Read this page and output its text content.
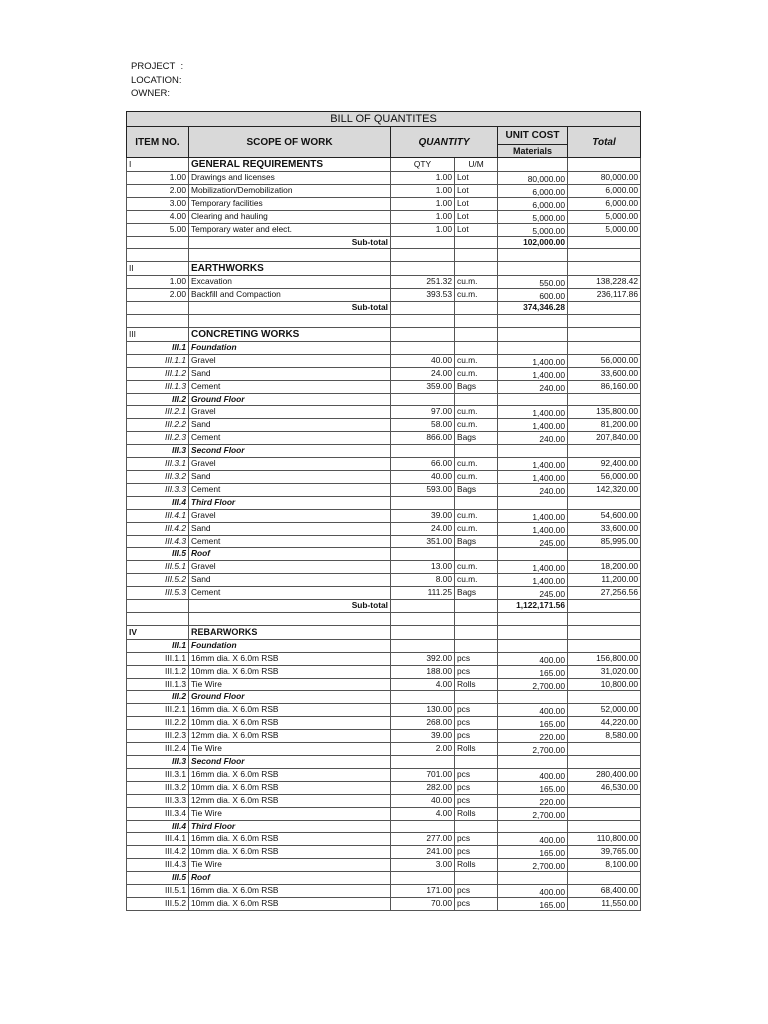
PROJECT  :
LOCATION:
OWNER:
BILL OF QUANTITES					
ITEM NO.	SCOPE OF WORK	QUANTITY		UNIT COST	Total
				Materials	
I	GENERAL REQUIREMENTS	QTY	U/M		
1.00	Drawings and licenses	1.00	Lot	80,000.00	80,000.00
2.00	Mobilization/Demobilization	1.00	Lot	6,000.00	6,000.00
3.00	Temporary facilities	1.00	Lot	6,000.00	6,000.00
4.00	Clearing and hauling	1.00	Lot	5,000.00	5,000.00
5.00	Temporary water and elect.	1.00	Lot	5,000.00	5,000.00
	Sub-total			102,000.00	

II	EARTHWORKS				
1.00	Excavation	251.32	cu.m.	550.00	138,228.42
2.00	Backfill and Compaction	393.53	cu.m.	600.00	236,117.86
	Sub-total			374,346.28	

III	CONCRETING WORKS				
III.1	Foundation				
III.1.1	Gravel	40.00	cu.m.	1,400.00	56,000.00
III.1.2	Sand	24.00	cu.m.	1,400.00	33,600.00
III.1.3	Cement	359.00	Bags	240.00	86,160.00
III.2	Ground Floor				
III.2.1	Gravel	97.00	cu.m.	1,400.00	135,800.00
III.2.2	Sand	58.00	cu.m.	1,400.00	81,200.00
III.2.3	Cement	866.00	Bags	240.00	207,840.00
III.3	Second Floor				
III.3.1	Gravel	66.00	cu.m.	1,400.00	92,400.00
III.3.2	Sand	40.00	cu.m.	1,400.00	56,000.00
III.3.3	Cement	593.00	Bags	240.00	142,320.00
III.4	Third Floor				
III.4.1	Gravel	39.00	cu.m.	1,400.00	54,600.00
III.4.2	Sand	24.00	cu.m.	1,400.00	33,600.00
III.4.3	Cement	351.00	Bags	245.00	85,995.00
III.5	Roof				
III.5.1	Gravel	13.00	cu.m.	1,400.00	18,200.00
III.5.2	Sand	8.00	cu.m.	1,400.00	11,200.00
III.5.3	Cement	111.25	Bags	245.00	27,256.56
	Sub-total			1,122,171.56	

IV	REBARWORKS				
III.1	Foundation				
III.1.1	16mm dia. X 6.0m RSB	392.00	pcs	400.00	156,800.00
III.1.2	10mm dia. X 6.0m RSB	188.00	pcs	165.00	31,020.00
III.1.3	Tie Wire	4.00	Rolls	2,700.00	10,800.00
III.2	Ground Floor				
III.2.1	16mm dia. X 6.0m RSB	130.00	pcs	400.00	52,000.00
III.2.2	10mm dia. X 6.0m RSB	268.00	pcs	165.00	44,220.00
III.2.3	12mm dia. X 6.0m RSB	39.00	pcs	220.00	8,580.00
III.2.4	Tie Wire	2.00	Rolls	2,700.00	
III.3	Second Floor				
III.3.1	16mm dia. X 6.0m RSB	701.00	pcs	400.00	280,400.00
III.3.2	10mm dia. X 6.0m RSB	282.00	pcs	165.00	46,530.00
III.3.3	12mm dia. X 6.0m RSB	40.00	pcs	220.00	
III.3.4	Tie Wire	4.00	Rolls	2,700.00	
III.4	Third Floor				
III.4.1	16mm dia. X 6.0m RSB	277.00	pcs	400.00	110,800.00
III.4.2	10mm dia. X 6.0m RSB	241.00	pcs	165.00	39,765.00
III.4.3	Tie Wire	3.00	Rolls	2,700.00	8,100.00
III.5	Roof				
III.5.1	16mm dia. X 6.0m RSB	171.00	pcs	400.00	68,400.00
III.5.2	10mm dia. X 6.0m RSB	70.00	pcs	165.00	11,550.00
